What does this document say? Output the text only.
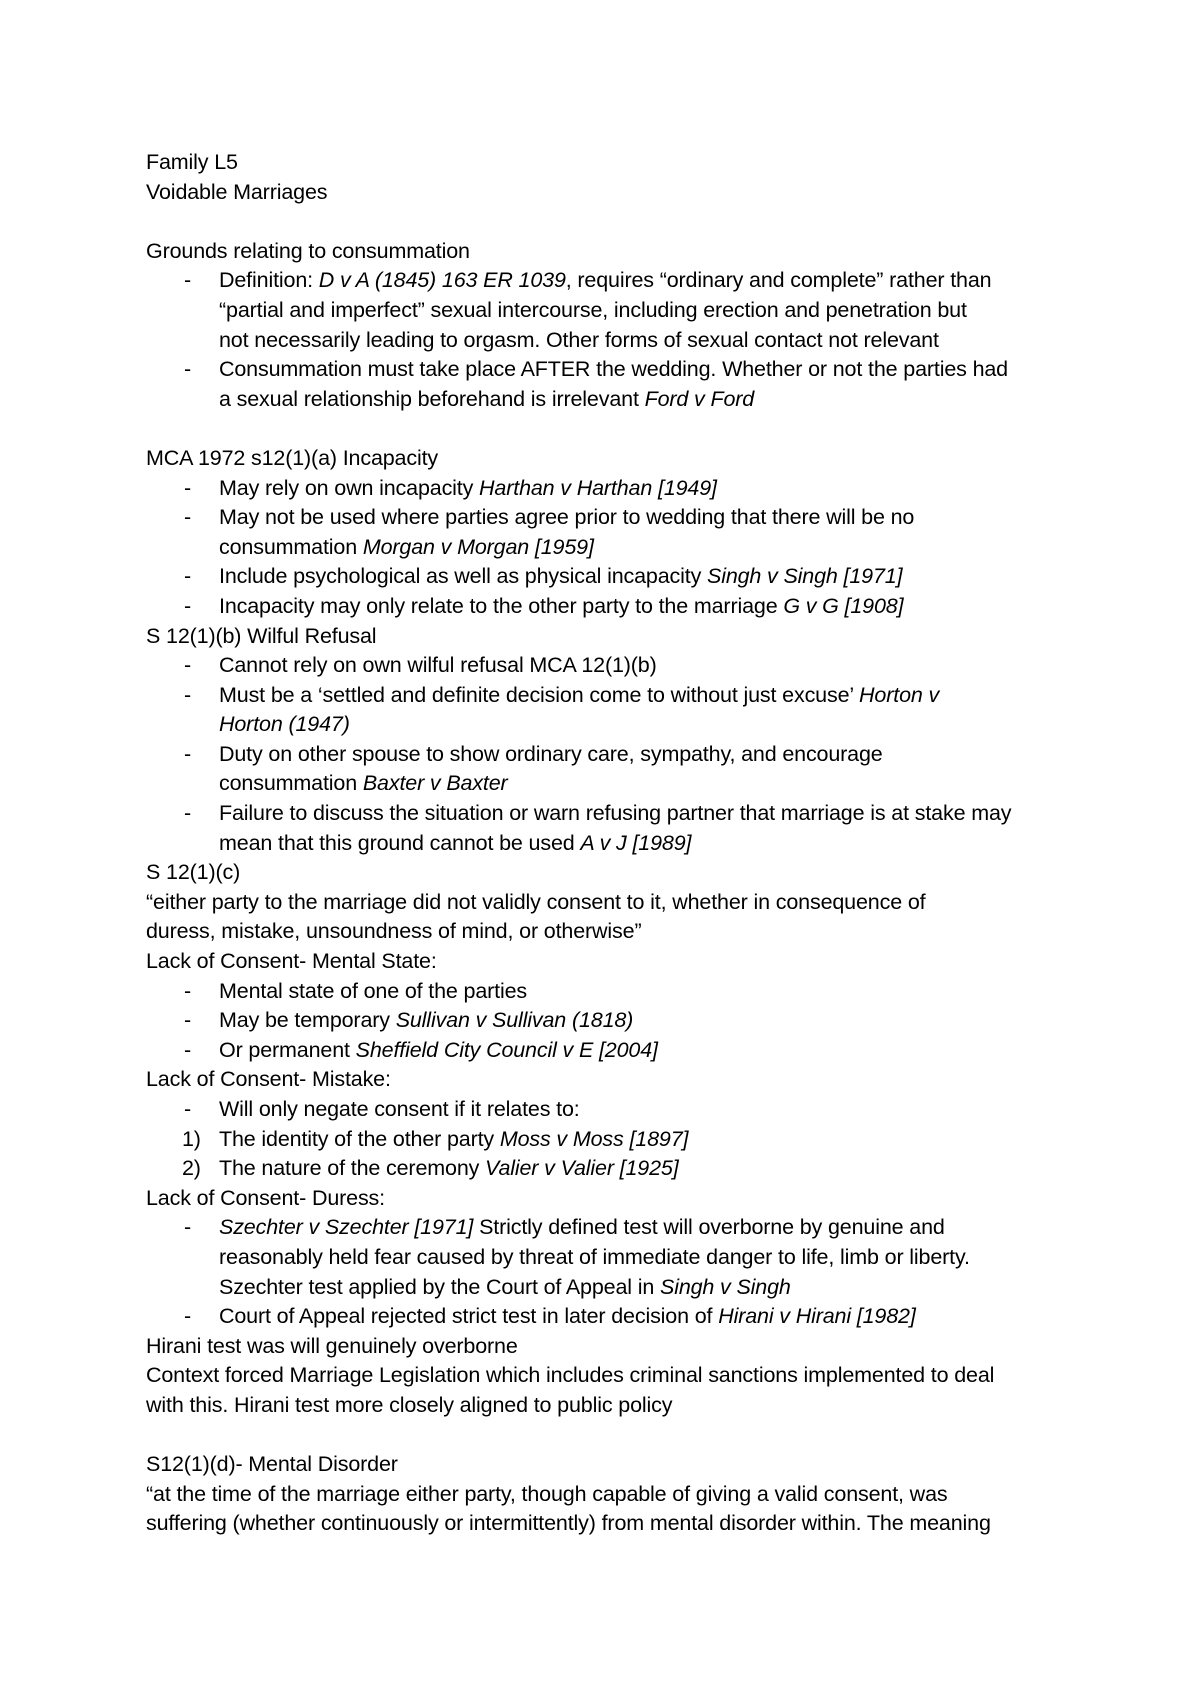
Family L5
Voidable Marriages
Grounds relating to consummation
- Definition: D v A (1845) 163 ER 1039, requires “ordinary and complete” rather than
“partial and imperfect” sexual intercourse, including erection and penetration but
not necessarily leading to orgasm. Other forms of sexual contact not relevant
- Consummation must take place AFTER the wedding. Whether or not the parties had
a sexual relationship beforehand is irrelevant Ford v Ford
MCA 1972 s12(1)(a) Incapacity
- May rely on own incapacity Harthan v Harthan [1949]
- May not be used where parties agree prior to wedding that there will be no
consummation Morgan v Morgan [1959]
- Include psychological as well as physical incapacity Singh v Singh [1971]
- Incapacity may only relate to the other party to the marriage G v G [1908]
S 12(1)(b) Wilful Refusal
- Cannot rely on own wilful refusal MCA 12(1)(b)
- Must be a ‘settled and definite decision come to without just excuse’ Horton v
Horton (1947)
- Duty on other spouse to show ordinary care, sympathy, and encourage
consummation Baxter v Baxter
- Failure to discuss the situation or warn refusing partner that marriage is at stake may
mean that this ground cannot be used A v J [1989]
S 12(1)(c)
“either party to the marriage did not validly consent to it, whether in consequence of
duress, mistake, unsoundness of mind, or otherwise”
Lack of Consent- Mental State:
- Mental state of one of the parties
- May be temporary Sullivan v Sullivan (1818)
- Or permanent Sheffield City Council v E [2004]
Lack of Consent- Mistake:
- Will only negate consent if it relates to:
1) The identity of the other party Moss v Moss [1897]
2) The nature of the ceremony Valier v Valier [1925]
Lack of Consent- Duress:
- Szechter v Szechter [1971] Strictly defined test will overborne by genuine and
reasonably held fear caused by threat of immediate danger to life, limb or liberty.
Szechter test applied by the Court of Appeal in Singh v Singh
- Court of Appeal rejected strict test in later decision of Hirani v Hirani [1982]
Hirani test was will genuinely overborne
Context forced Marriage Legislation which includes criminal sanctions implemented to deal
with this. Hirani test more closely aligned to public policy
S12(1)(d)- Mental Disorder
“at the time of the marriage either party, though capable of giving a valid consent, was
suffering (whether continuously or intermittently) from mental disorder within. The meaning
